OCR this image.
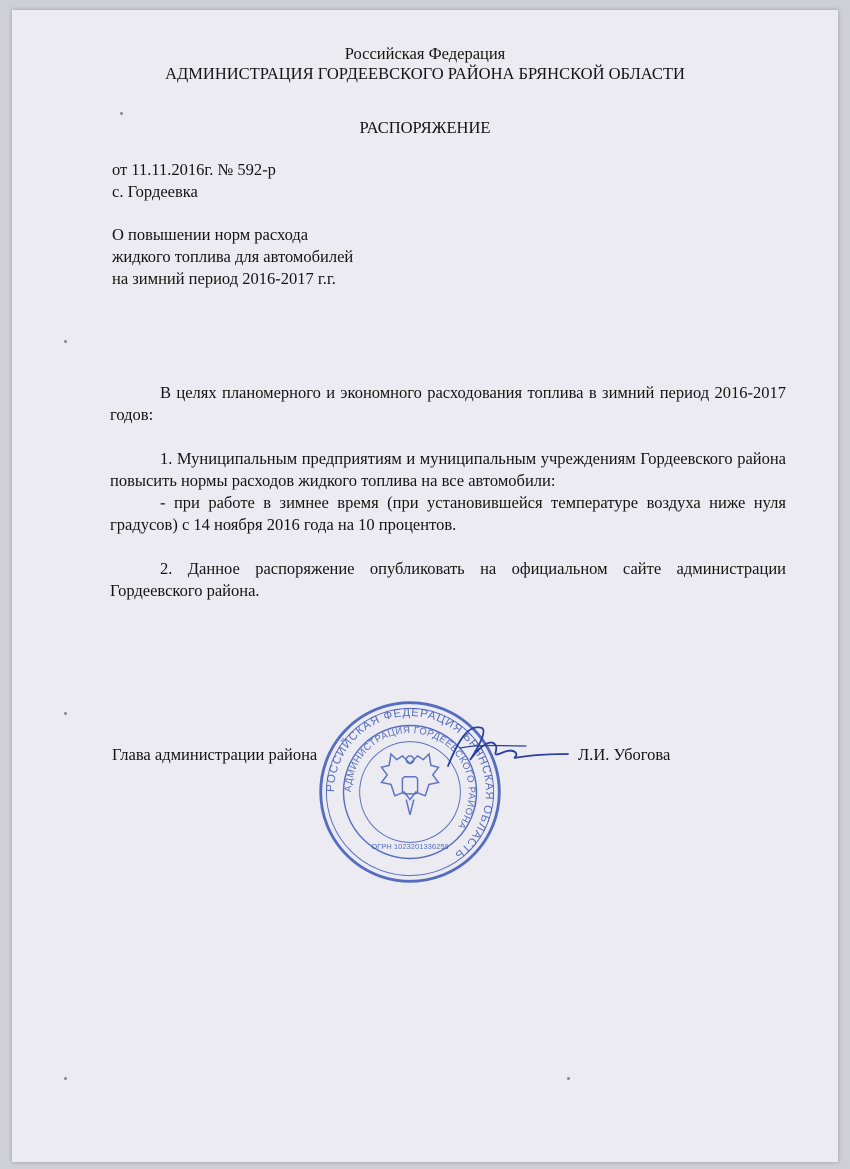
Российская Федерация
АДМИНИСТРАЦИЯ ГОРДЕЕВСКОГО РАЙОНА БРЯНСКОЙ ОБЛАСТИ
РАСПОРЯЖЕНИЕ
от 11.11.2016г. № 592-р
с. Гордеевка
О повышении норм расхода
жидкого топлива для автомобилей
на зимний период 2016-2017 г.г.

В целях планомерного и экономного расходования топлива в зимний период 2016-2017 годов:

1. Муниципальным предприятиям и муниципальным учреждениям Гордеевского района повысить нормы расходов жидкого топлива на все автомобили:

- при работе в зимнее время (при установившейся температуре воздуха ниже нуля градусов) с 14 ноября 2016 года на 10 процентов.

2. Данное распоряжение опубликовать на официальном сайте администрации Гордеевского района.

Глава администрации района	Л.И. Убогова
РОССИЙСКАЯ ФЕДЕРАЦИЯ БРЯНСКАЯ ОБЛАСТЬ
АДМИНИСТРАЦИЯ ГОРДЕЕВСКОГО РАЙОНА
ОГРН 1023201336259
